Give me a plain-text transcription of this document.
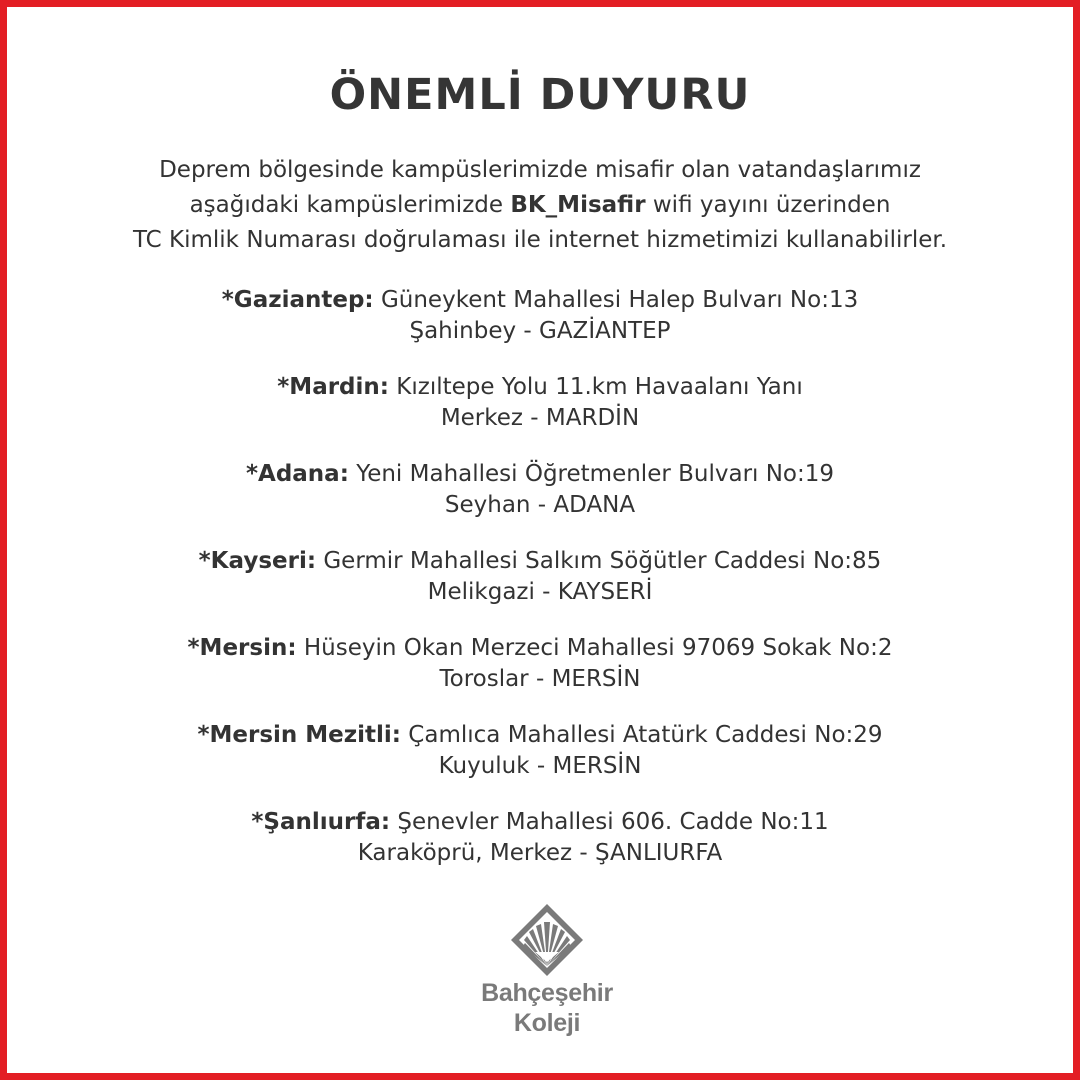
ÖNEMLİ DUYURU
Deprem bölgesinde kampüslerimizde misafir olan vatandaşlarımız
aşağıdaki kampüslerimizde BK_Misafir wifi yayını üzerinden
TC Kimlik Numarası doğrulaması ile internet hizmetimizi kullanabilirler.
*Gaziantep: Güneykent Mahallesi Halep Bulvarı No:13
Şahinbey - GAZİANTEP
*Mardin: Kızıltepe Yolu 11.km Havaalanı Yanı
Merkez - MARDİN
*Adana: Yeni Mahallesi Öğretmenler Bulvarı No:19
Seyhan - ADANA
*Kayseri: Germir Mahallesi Salkım Söğütler Caddesi No:85
Melikgazi - KAYSERİ
*Mersin: Hüseyin Okan Merzeci Mahallesi 97069 Sokak No:2
Toroslar - MERSİN
*Mersin Mezitli: Çamlıca Mahallesi Atatürk Caddesi No:29
Kuyuluk - MERSİN
*Şanlıurfa: Şenevler Mahallesi 606. Cadde No:11
Karaköprü, Merkez - ŞANLIURFA
Bahçeşehir
Koleji
